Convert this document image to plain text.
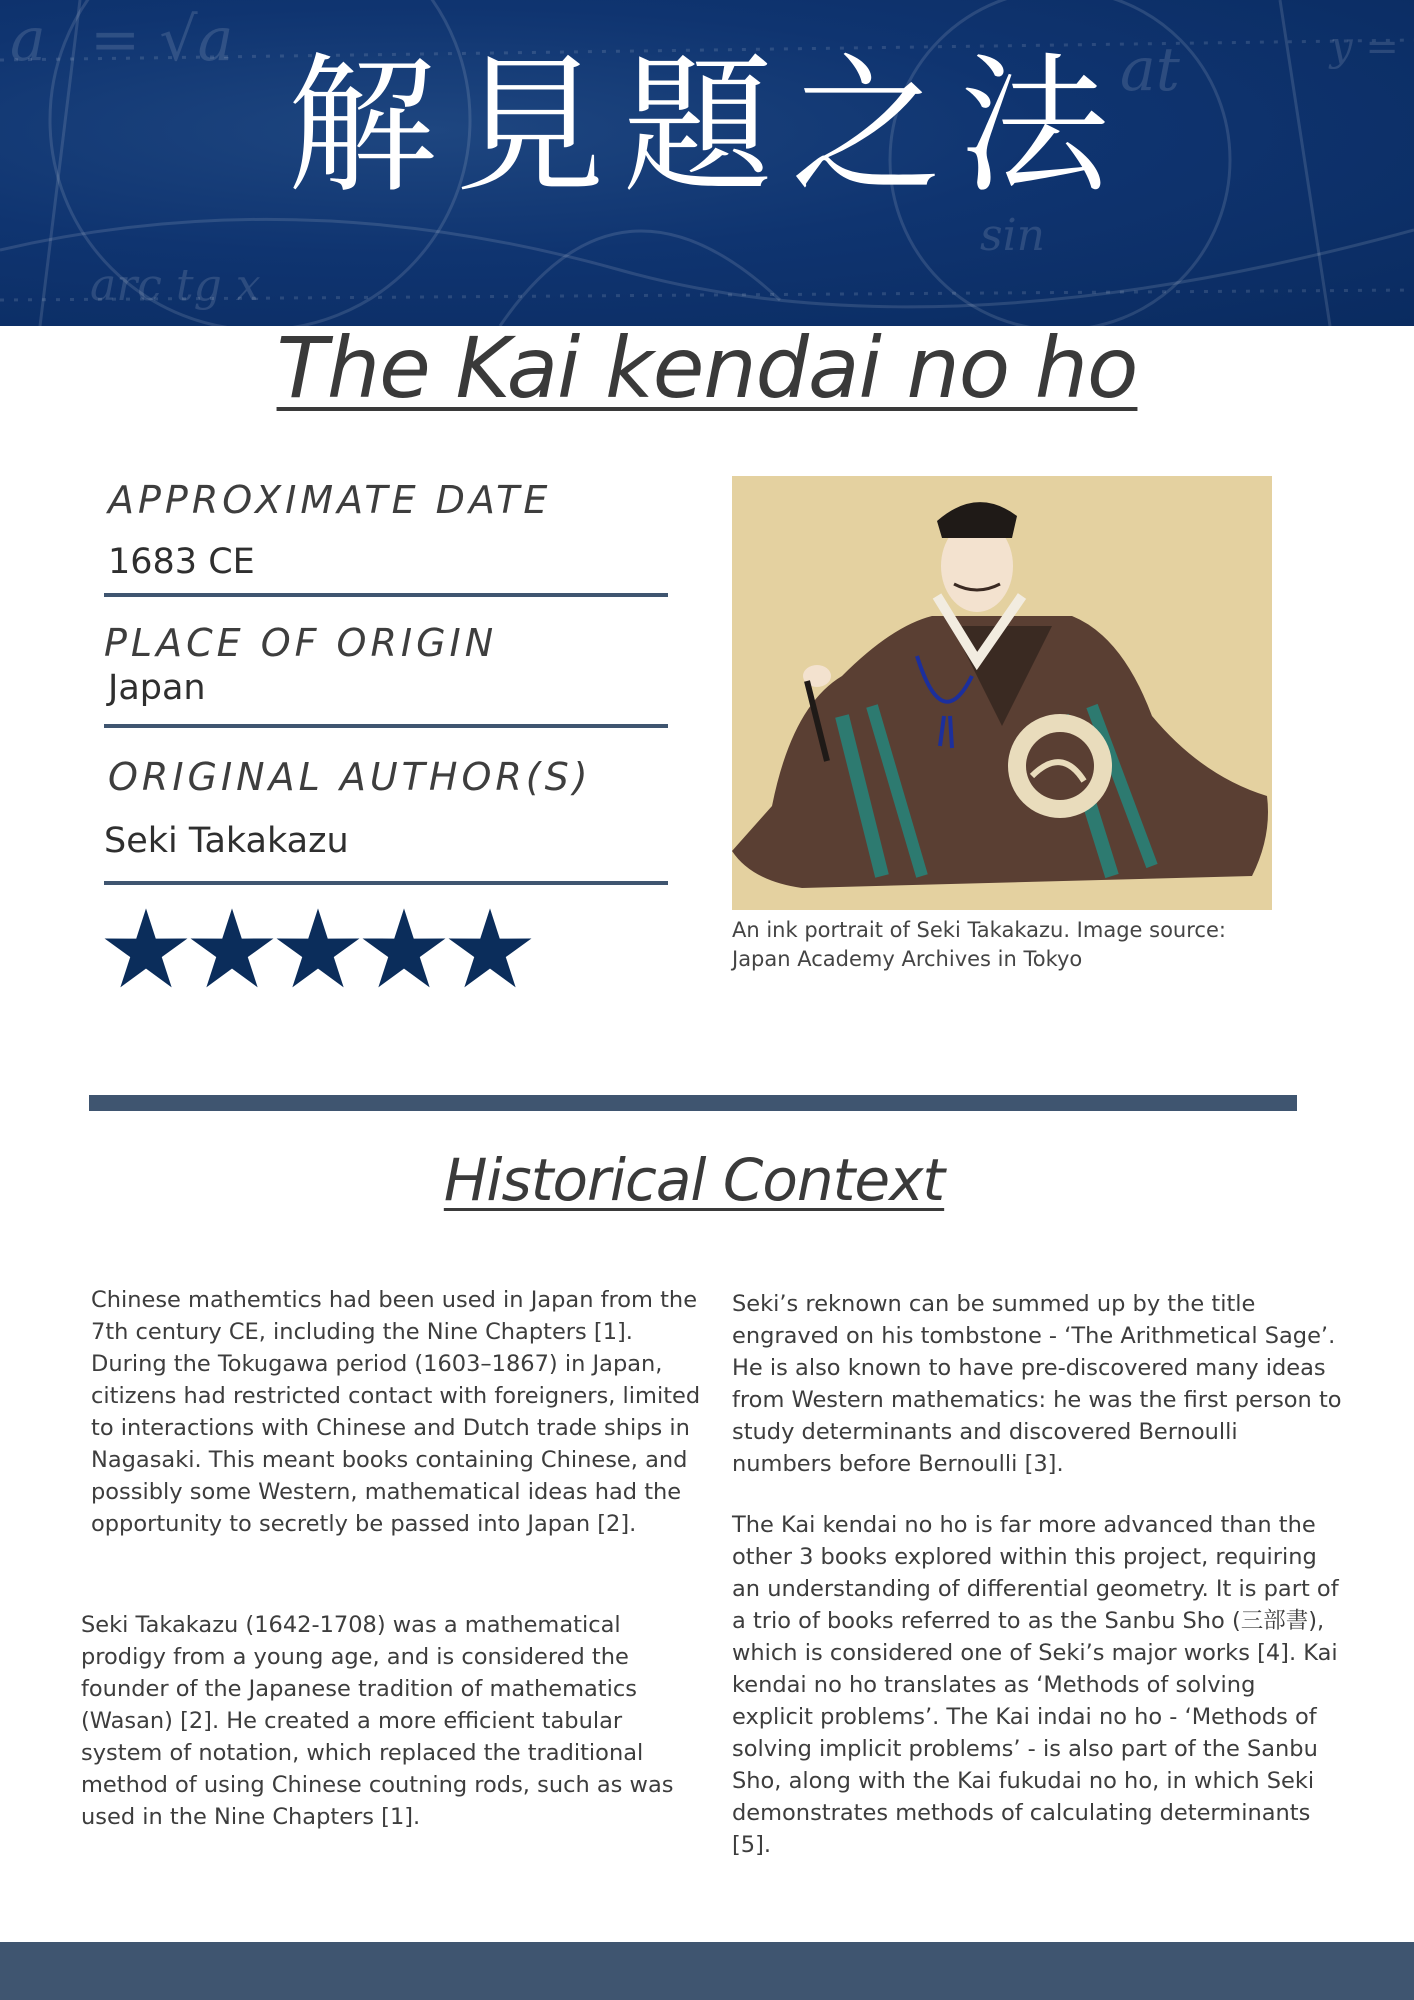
a = √a
arc tg x
at	y =
sin
解見題之法
The Kai kendai no ho
APPROXIMATE DATE
1683 CE
PLACE OF ORIGIN
Japan
ORIGINAL AUTHOR(S)
Seki Takakazu
An ink portrait of Seki Takakazu. Image source:
Japan Academy Archives in Tokyo
Historical Context
Chinese mathemtics had been used in Japan from the 7th century CE, including the Nine Chapters [1]. During the Tokugawa period (1603–1867) in Japan, citizens had restricted contact with foreigners, limited to interactions with Chinese and Dutch trade ships in Nagasaki. This meant books containing Chinese, and possibly some Western, mathematical ideas had the opportunity to secretly be passed into Japan [2].
Seki Takakazu (1642-1708) was a mathematical prodigy from a young age, and is considered the founder of the Japanese tradition of mathematics (Wasan) [2]. He created a more efficient tabular system of notation, which replaced the traditional method of using Chinese coutning rods, such as was used in the Nine Chapters [1].
Seki’s reknown can be summed up by the title engraved on his tombstone - ‘The Arithmetical Sage’. He is also known to have pre-discovered many ideas from Western mathematics: he was the first person to study determinants and discovered Bernoulli numbers before Bernoulli [3].
The Kai kendai no ho is far more advanced than the other 3 books explored within this project, requiring an understanding of differential geometry. It is part of a trio of books referred to as the Sanbu Sho (三部書), which is considered one of Seki’s major works [4]. Kai kendai no ho translates as ‘Methods of solving explicit problems’. The Kai indai no ho - ‘Methods of solving implicit problems’ - is also part of the Sanbu Sho, along with the Kai fukudai no ho, in which Seki demonstrates methods of calculating determinants [5].
